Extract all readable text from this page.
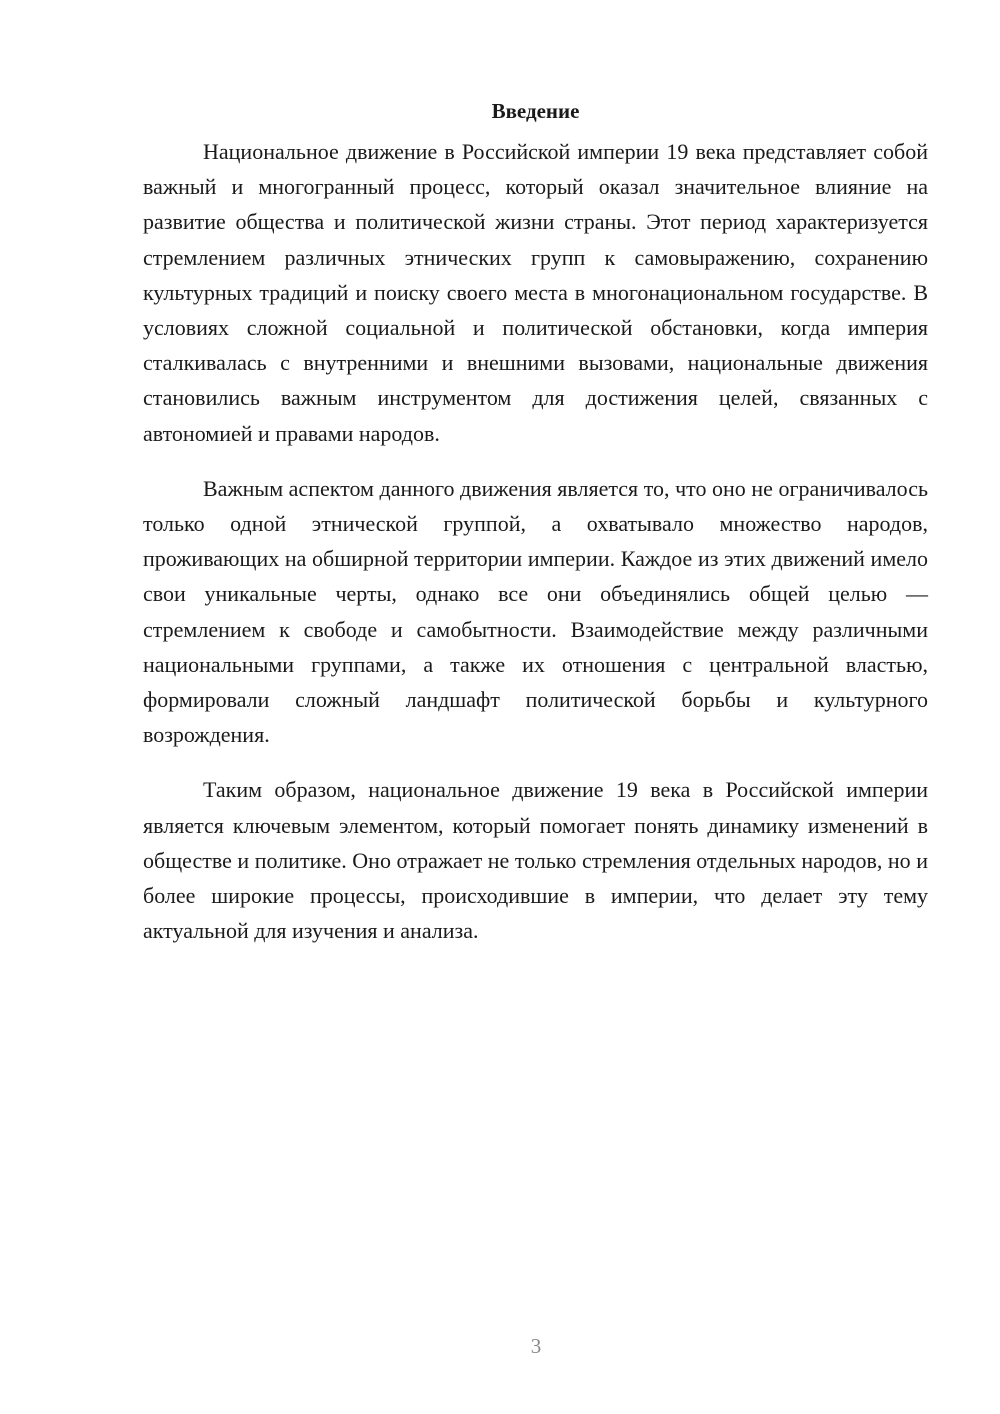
Введение

Национальное движение в Российской империи 19 века представляет собой важный и многогранный процесс, который оказал значительное влияние на развитие общества и политической жизни страны. Этот период характеризуется стремлением различных этнических групп к самовыражению, сохранению культурных традиций и поиску своего места в многонациональном государстве. В условиях сложной социальной и политической обстановки, когда империя сталкивалась с внутренними и внешними вызовами, национальные движения становились важным инструментом для достижения целей, связанных с автономией и правами народов.

Важным аспектом данного движения является то, что оно не ограничивалось только одной этнической группой, а охватывало множество народов, проживающих на обширной территории империи. Каждое из этих движений имело свои уникальные черты, однако все они объединялись общей целью — стремлением к свободе и самобытности. Взаимодействие между различными национальными группами, а также их отношения с центральной властью, формировали сложный ландшафт политической борьбы и культурного возрождения.

Таким образом, национальное движение 19 века в Российской империи является ключевым элементом, который помогает понять динамику изменений в обществе и политике. Оно отражает не только стремления отдельных народов, но и более широкие процессы, происходившие в империи, что делает эту тему актуальной для изучения и анализа.

3
